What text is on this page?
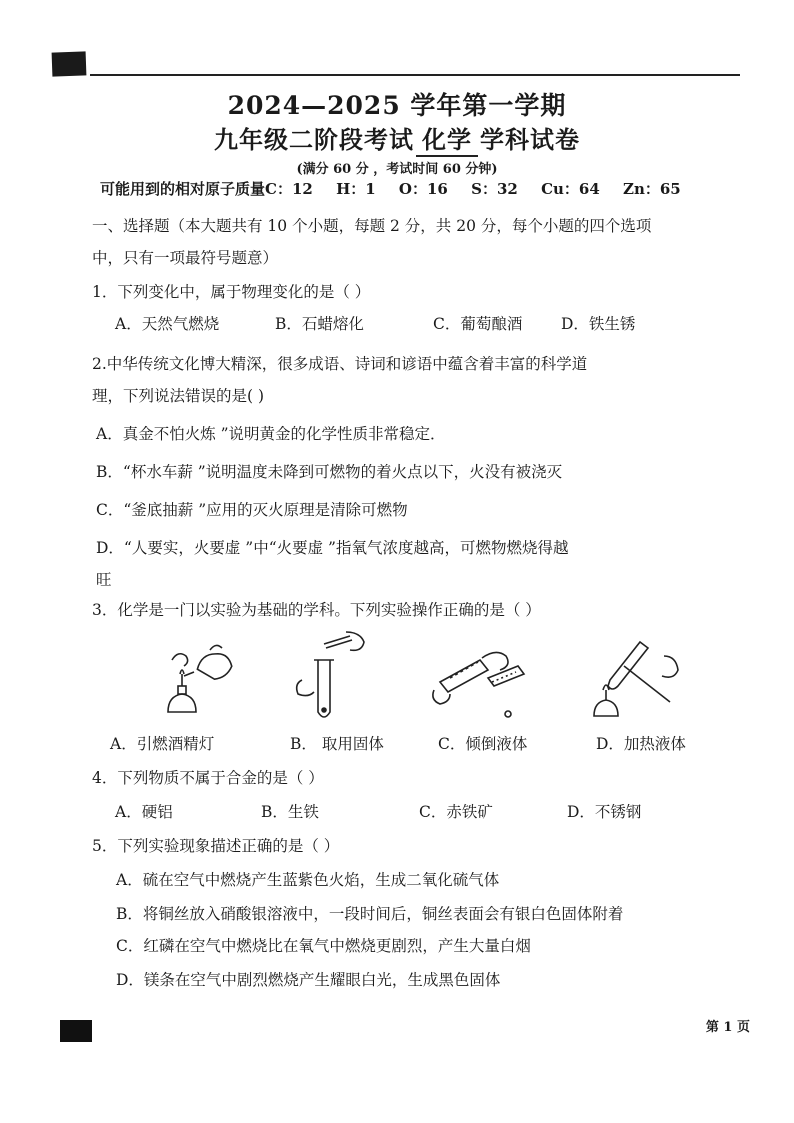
2024—2025 学年第一学期
九年级二阶段考试 化学 学科试卷
(满分 60 分 ，考试时间 60 分钟)
可能用到的相对原子质量C：12 H：1 O：16 S：32 Cu：64 Zn：65
一、选择题（本大题共有 10 个小题，每题 2 分，共 20 分，每个小题的四个选项
中，只有一项最符号题意）
1．下列变化中，属于物理变化的是（ ）
A．天然气燃烧	B．石蜡熔化	C．葡萄酿酒 D．铁生锈
2.中华传统文化博大精深，很多成语、诗词和谚语中蕴含着丰富的科学道
理，下列说法错误的是( )
A．真金不怕火炼 ”说明黄金的化学性质非常稳定．
B．“杯水车薪 ”说明温度未降到可燃物的着火点以下，火没有被浇灭
C．“釜底抽薪 ”应用的灭火原理是清除可燃物
D．“人要实，火要虚 ”中“火要虚 ”指氧气浓度越高，可燃物燃烧得越
旺
3．化学是一门以实验为基础的学科。下列实验操作正确的是（ ）
A．引燃酒精灯	B． 取用固体	C．倾倒液体	D．加热液体
4．下列物质不属于合金的是（ ）
A．硬铝	B．生铁	C．赤铁矿	D．不锈钢
5．下列实验现象描述正确的是（ ）
A．硫在空气中燃烧产生蓝紫色火焰，生成二氧化硫气体
B．将铜丝放入硝酸银溶液中，一段时间后，铜丝表面会有银白色固体附着
C．红磷在空气中燃烧比在氧气中燃烧更剧烈，产生大量白烟
D．镁条在空气中剧烈燃烧产生耀眼白光，生成黑色固体
第 1 页
